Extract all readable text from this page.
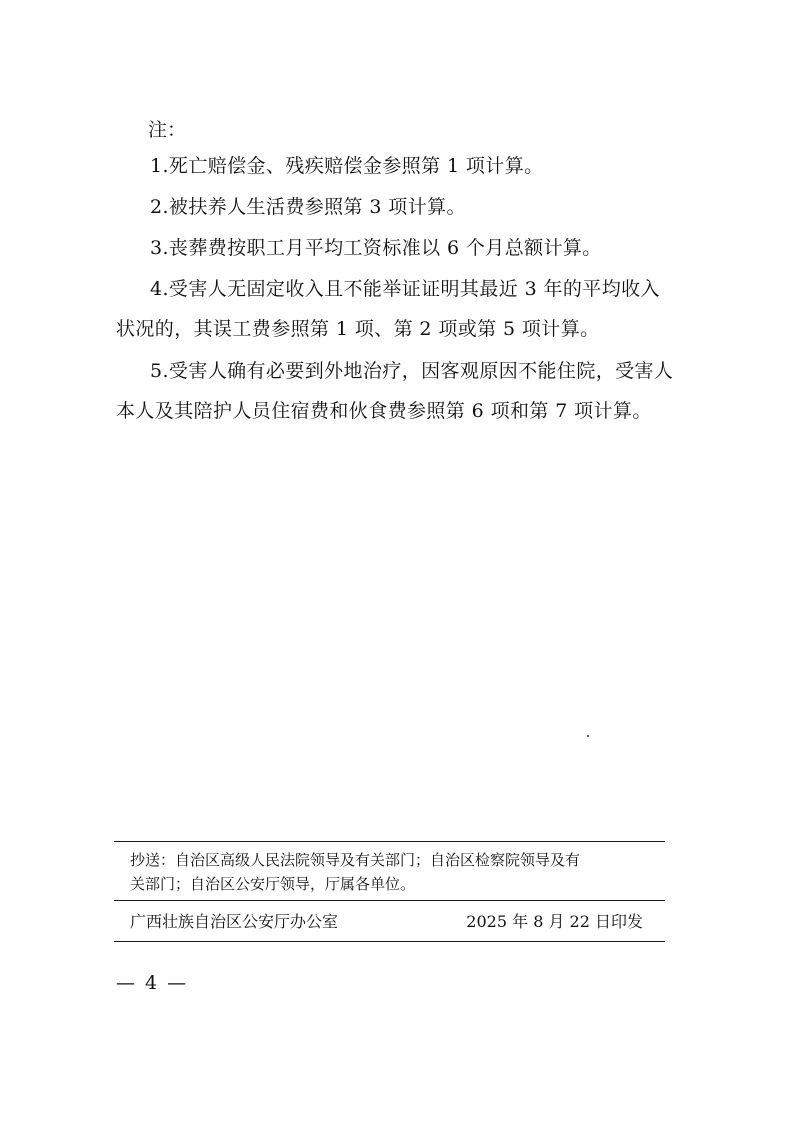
注：
1.死亡赔偿金、残疾赔偿金参照第 1 项计算。
2.被扶养人生活费参照第 3 项计算。
3.丧葬费按职工月平均工资标准以 6 个月总额计算。
4.受害人无固定收入且不能举证证明其最近 3 年的平均收入状况的，其误工费参照第 1 项、第 2 项或第 5 项计算。
5.受害人确有必要到外地治疗，因客观原因不能住院，受害人本人及其陪护人员住宿费和伙食费参照第 6 项和第 7 项计算。
抄送：自治区高级人民法院领导及有关部门；自治区检察院领导及有
关部门；自治区公安厅领导，厅属各单位。
广西壮族自治区公安厅办公室	2025 年 8 月 22 日印发
— 4 —
